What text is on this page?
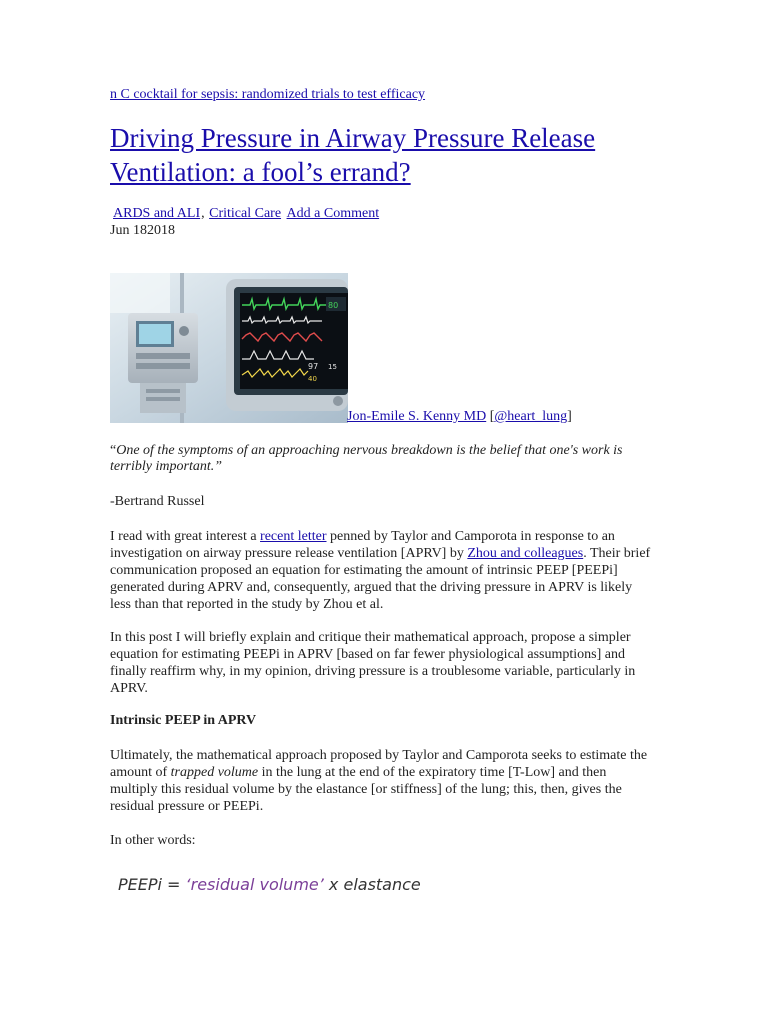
n C cocktail for sepsis: randomized trials to test efficacy
Driving Pressure in Airway Pressure Release Ventilation: a fool’s errand?
ARDS and ALI, Critical Care Add a Comment
Jun 182018
80
97 15
40
Jon-Emile S. Kenny MD [@heart_lung]
“One of the symptoms of an approaching nervous breakdown is the belief that one's work is terribly important.”
-Bertrand Russel

I read with great interest a recent letter penned by Taylor and Camporota in response to an investigation on airway pressure release ventilation [APRV] by Zhou and colleagues. Their brief communication proposed an equation for estimating the amount of intrinsic PEEP [PEEPi] generated during APRV and, consequently, argued that the driving pressure in APRV is likely less than that reported in the study by Zhou et al.

In this post I will briefly explain and critique their mathematical approach, propose a simpler equation for estimating PEEPi in APRV [based on far fewer physiological assumptions] and finally reaffirm why, in my opinion, driving pressure is a troublesome variable, particularly in APRV.

Intrinsic PEEP in APRV

Ultimately, the mathematical approach proposed by Taylor and Camporota seeks to estimate the amount of trapped volume in the lung at the end of the expiratory time [T-Low] and then multiply this residual volume by the elastance [or stiffness] of the lung; this, then, gives the residual pressure or PEEPi.

In other words:

PEEPi = ‘residual volume’ x elastance
